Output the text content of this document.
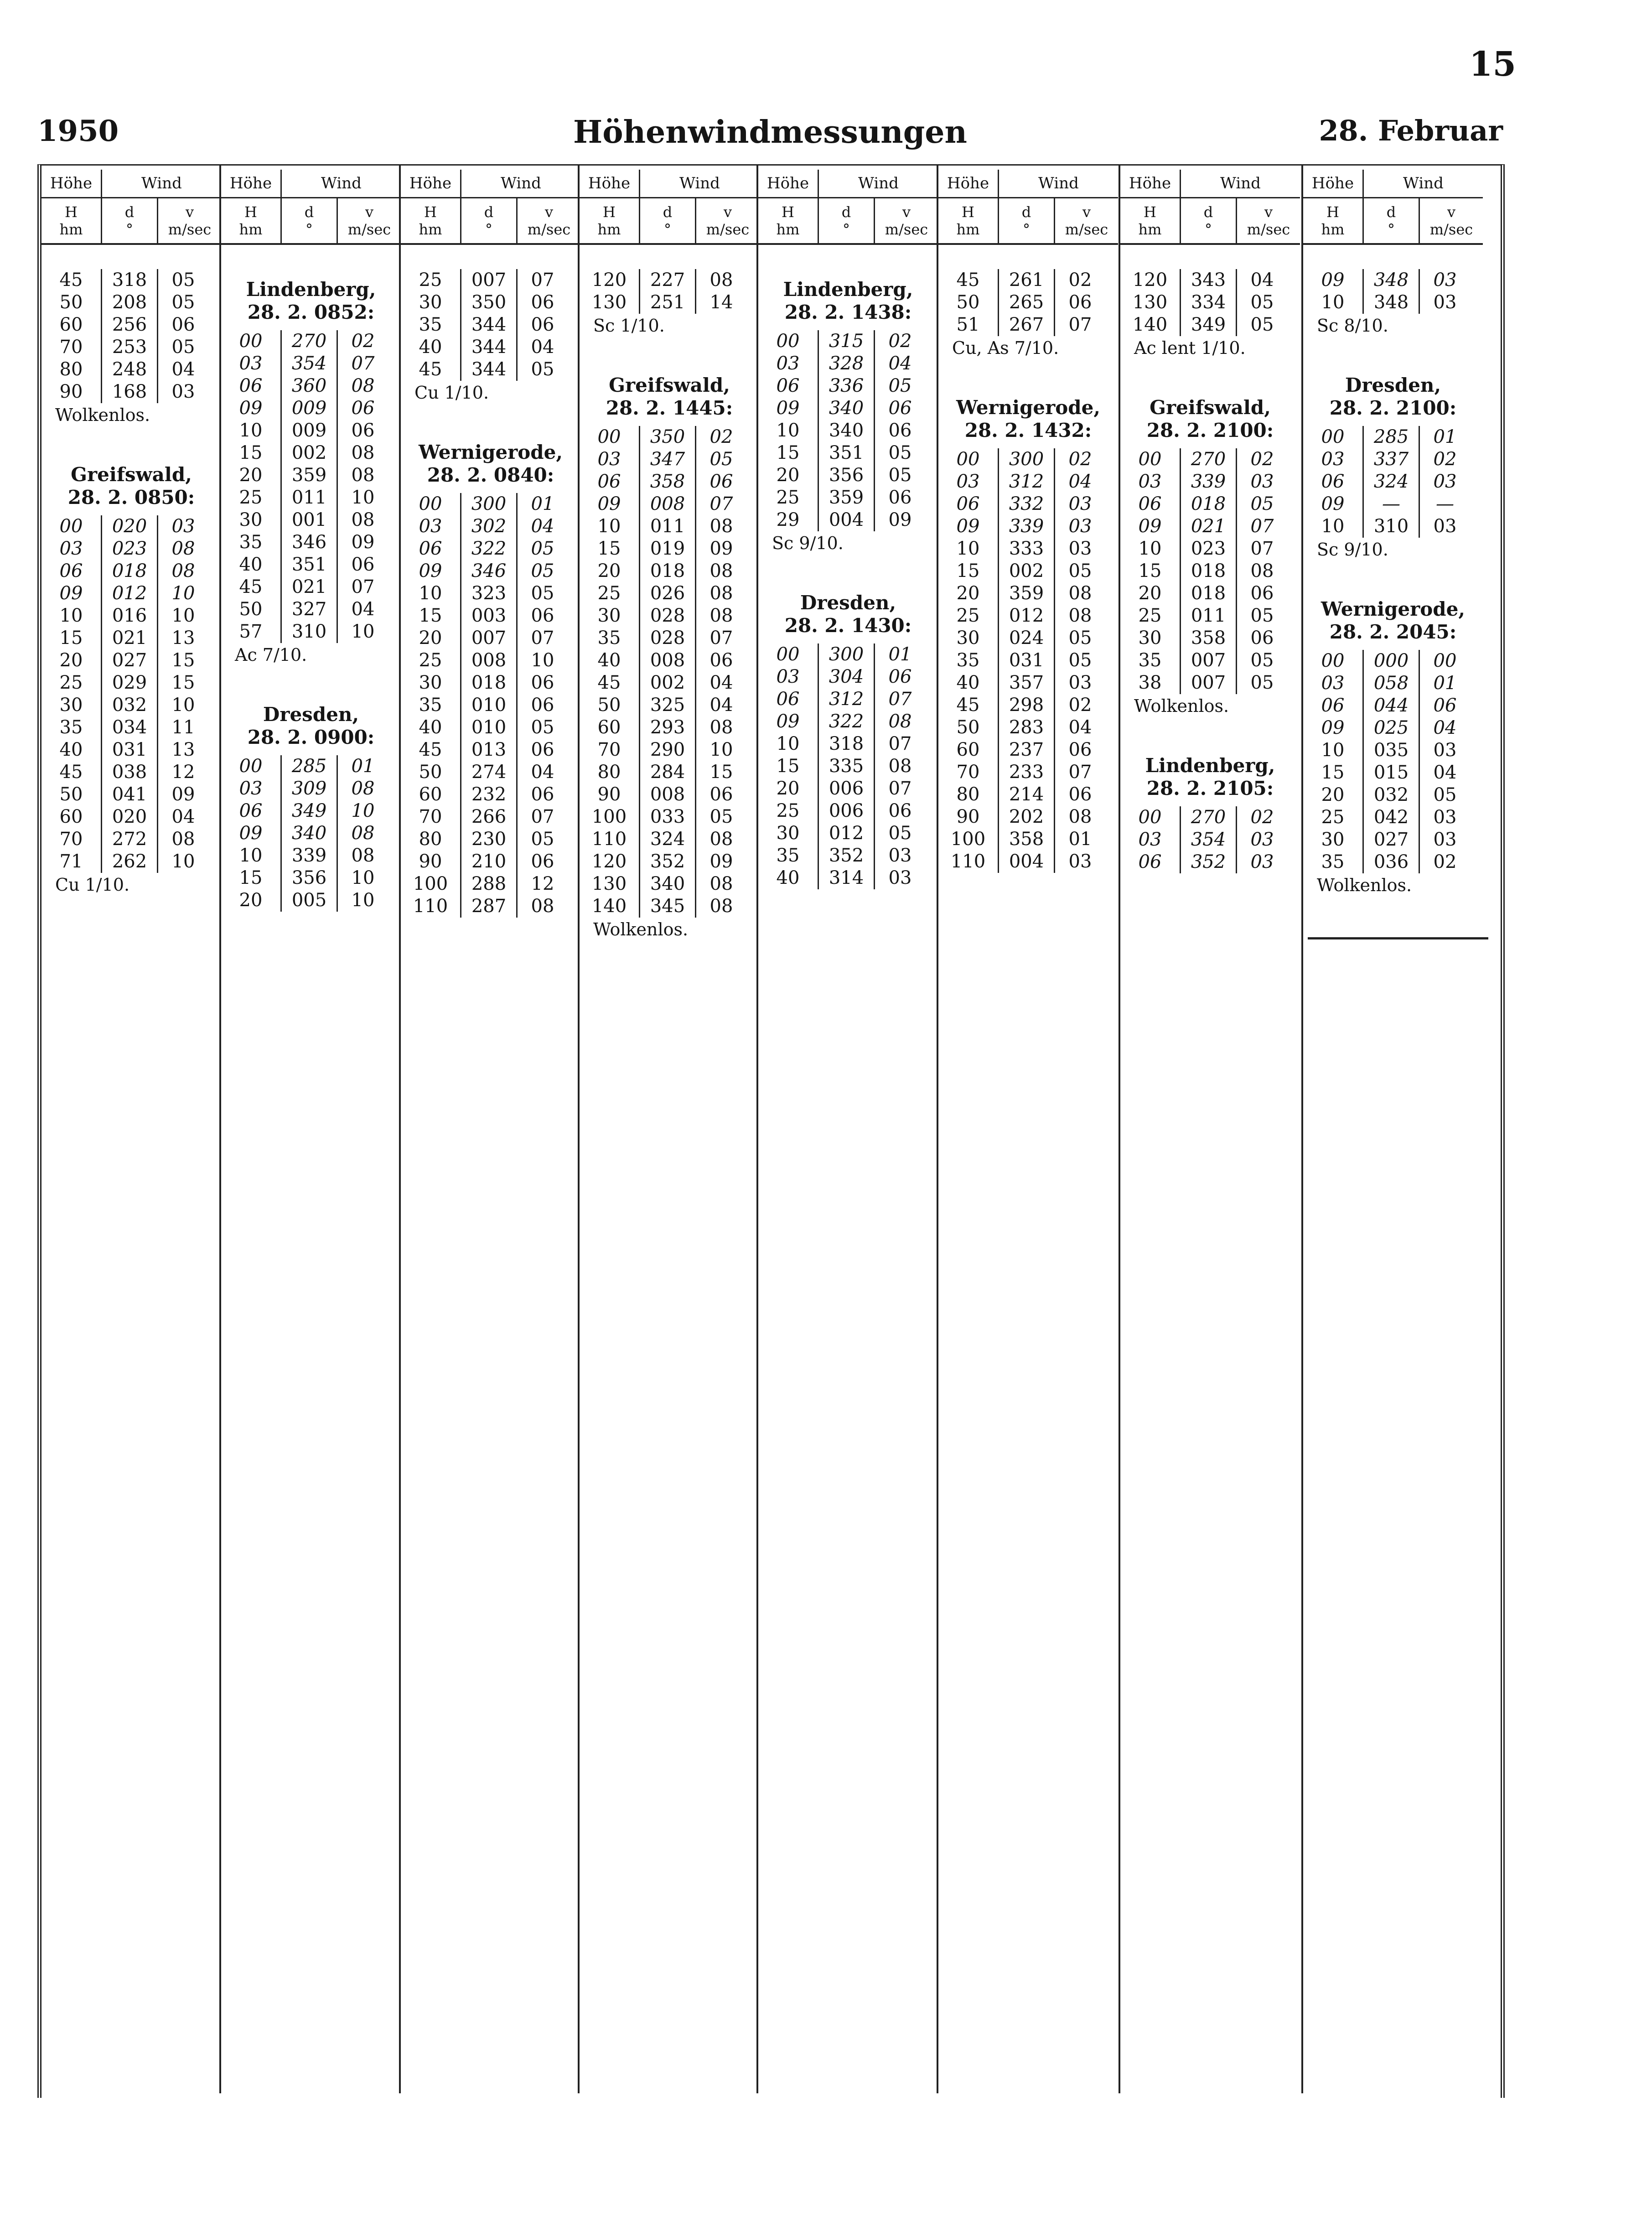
15
1950	Höhenwindmessungen	28. Februar
Höhe	Wind
H
hm
d
°
v
m/sec
45	318	05
50	208	05
60	256	06
70	253	05
80	248	04
90	168	03
Wolkenlos.
Greifswald,
28. 2. 0850:
00	020	03
03	023	08
06	018	08
09	012	10
10	016	10
15	021	13
20	027	15
25	029	15
30	032	10
35	034	11
40	031	13
45	038	12
50	041	09
60	020	04
70	272	08
71	262	10
Cu 1/10.
Höhe	Wind
H
hm
d
°
v
m/sec
Lindenberg,
28. 2. 0852:
00	270	02
03	354	07
06	360	08
09	009	06
10	009	06
15	002	08
20	359	08
25	011	10
30	001	08
35	346	09
40	351	06
45	021	07
50	327	04
57	310	10
Ac 7/10.
Dresden,
28. 2. 0900:
00	285	01
03	309	08
06	349	10
09	340	08
10	339	08
15	356	10
20	005	10
Höhe	Wind
H
hm
d
°
v
m/sec
25	007	07
30	350	06
35	344	06
40	344	04
45	344	05
Cu 1/10.
Wernigerode,
28. 2. 0840:
00	300	01
03	302	04
06	322	05
09	346	05
10	323	05
15	003	06
20	007	07
25	008	10
30	018	06
35	010	06
40	010	05
45	013	06
50	274	04
60	232	06
70	266	07
80	230	05
90	210	06
100	288	12
110	287	08
Höhe	Wind
H
hm
d
°
v
m/sec
120	227	08
130	251	14
Sc 1/10.
Greifswald,
28. 2. 1445:
00	350	02
03	347	05
06	358	06
09	008	07
10	011	08
15	019	09
20	018	08
25	026	08
30	028	08
35	028	07
40	008	06
45	002	04
50	325	04
60	293	08
70	290	10
80	284	15
90	008	06
100	033	05
110	324	08
120	352	09
130	340	08
140	345	08
Wolkenlos.
Höhe	Wind
H
hm
d
°
v
m/sec
Lindenberg,
28. 2. 1438:
00	315	02
03	328	04
06	336	05
09	340	06
10	340	06
15	351	05
20	356	05
25	359	06
29	004	09
Sc 9/10.
Dresden,
28. 2. 1430:
00	300	01
03	304	06
06	312	07
09	322	08
10	318	07
15	335	08
20	006	07
25	006	06
30	012	05
35	352	03
40	314	03
Höhe	Wind
H
hm
d
°
v
m/sec
45	261	02
50	265	06
51	267	07
Cu, As 7/10.
Wernigerode,
28. 2. 1432:
00	300	02
03	312	04
06	332	03
09	339	03
10	333	03
15	002	05
20	359	08
25	012	08
30	024	05
35	031	05
40	357	03
45	298	02
50	283	04
60	237	06
70	233	07
80	214	06
90	202	08
100	358	01
110	004	03
Höhe	Wind
H
hm
d
°
v
m/sec
120	343	04
130	334	05
140	349	05
Ac lent 1/10.
Greifswald,
28. 2. 2100:
00	270	02
03	339	03
06	018	05
09	021	07
10	023	07
15	018	08
20	018	06
25	011	05
30	358	06
35	007	05
38	007	05
Wolkenlos.
Lindenberg,
28. 2. 2105:
00	270	02
03	354	03
06	352	03
Höhe	Wind
H
hm
d
°
v
m/sec
09	348	03
10	348	03
Sc 8/10.
Dresden,
28. 2. 2100:
00	285	01
03	337	02
06	324	03
09	—	—
10	310	03
Sc 9/10.
Wernigerode,
28. 2. 2045:
00	000	00
03	058	01
06	044	06
09	025	04
10	035	03
15	015	04
20	032	05
25	042	03
30	027	03
35	036	02
Wolkenlos.
